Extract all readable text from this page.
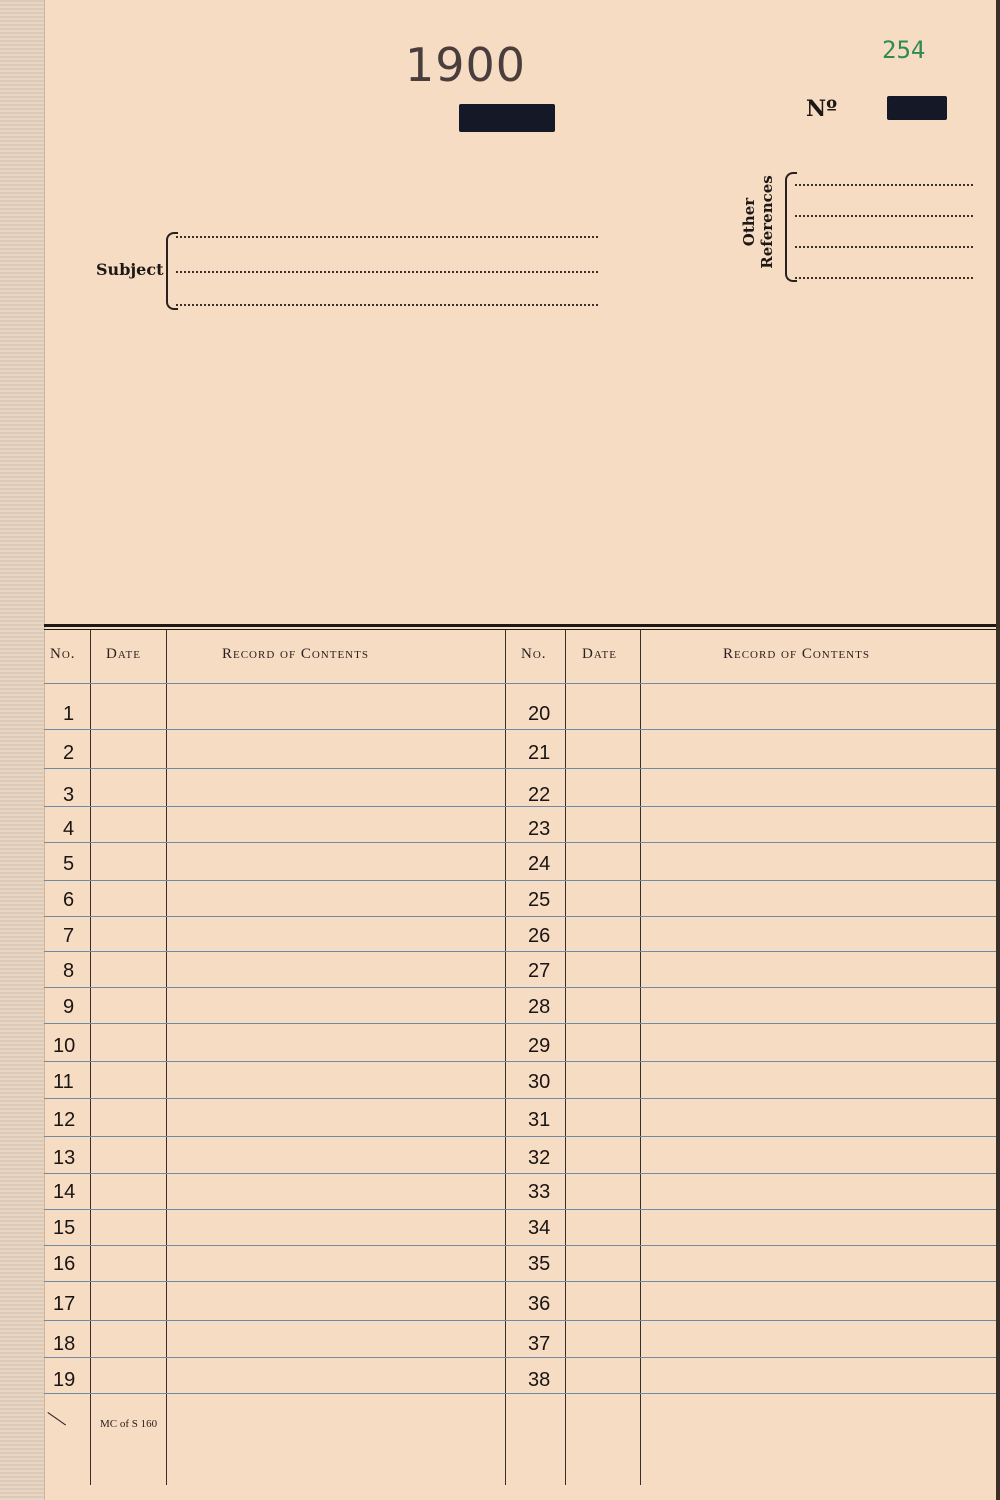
1900	254
Nº
Subject
Other References
No. Date	Record of Contents	No. Date	Record of Contents
1	20
2	21
3	22
4	23
5	24
6	25
7	26
8	27
9	28
10	29
11	30
12	31
13	32
14	33
15	34
16	35
17	36
18	37
19	38
MC of S 160
